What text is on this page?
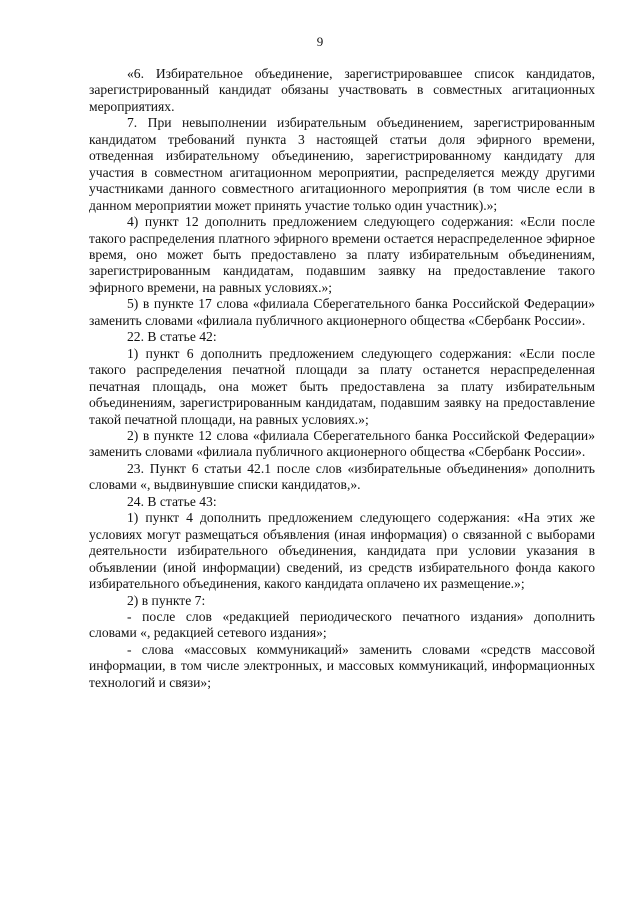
9

«6. Избирательное объединение, зарегистрировавшее список кандидатов, зарегистрированный кандидат обязаны участвовать в совместных агитационных мероприятиях.

7. При невыполнении избирательным объединением, зарегистрированным кандидатом требований пункта 3 настоящей статьи доля эфирного времени, отведенная избирательному объединению, зарегистрированному кандидату для участия в совместном агитационном мероприятии, распределяется между другими участниками данного совместного агитационного мероприятия (в том числе если в данном мероприятии может принять участие только один участник).»;

4) пункт 12 дополнить предложением следующего содержания: «Если после такого распределения платного эфирного времени остается нераспределенное эфирное время, оно может быть предоставлено за плату избирательным объединениям, зарегистрированным кандидатам, подавшим заявку на предоставление такого эфирного времени, на равных условиях.»;

5) в пункте 17 слова «филиала Сберегательного банка Российской Федерации» заменить словами «филиала публичного акционерного общества «Сбербанк России».

22. В статье 42:

1) пункт 6 дополнить предложением следующего содержания: «Если после такого распределения печатной площади за плату останется нераспределенная печатная площадь, она может быть предоставлена за плату избирательным объединениям, зарегистрированным кандидатам, подавшим заявку на предоставление такой печатной площади, на равных условиях.»;

2) в пункте 12 слова «филиала Сберегательного банка Российской Федерации» заменить словами «филиала публичного акционерного общества «Сбербанк России».

23. Пункт 6 статьи 42.1 после слов «избирательные объединения» дополнить словами «, выдвинувшие списки кандидатов,».

24. В статье 43:

1) пункт 4 дополнить предложением следующего содержания: «На этих же условиях могут размещаться объявления (иная информация) о связанной с выборами деятельности избирательного объединения, кандидата при условии указания в объявлении (иной информации) сведений, из средств избирательного фонда какого избирательного объединения, какого кандидата оплачено их размещение.»;

2) в пункте 7:

- после слов «редакцией периодического печатного издания» дополнить словами «, редакцией сетевого издания»;

- слова «массовых коммуникаций» заменить словами «средств массовой информации, в том числе электронных, и массовых коммуникаций, информационных технологий и связи»;
